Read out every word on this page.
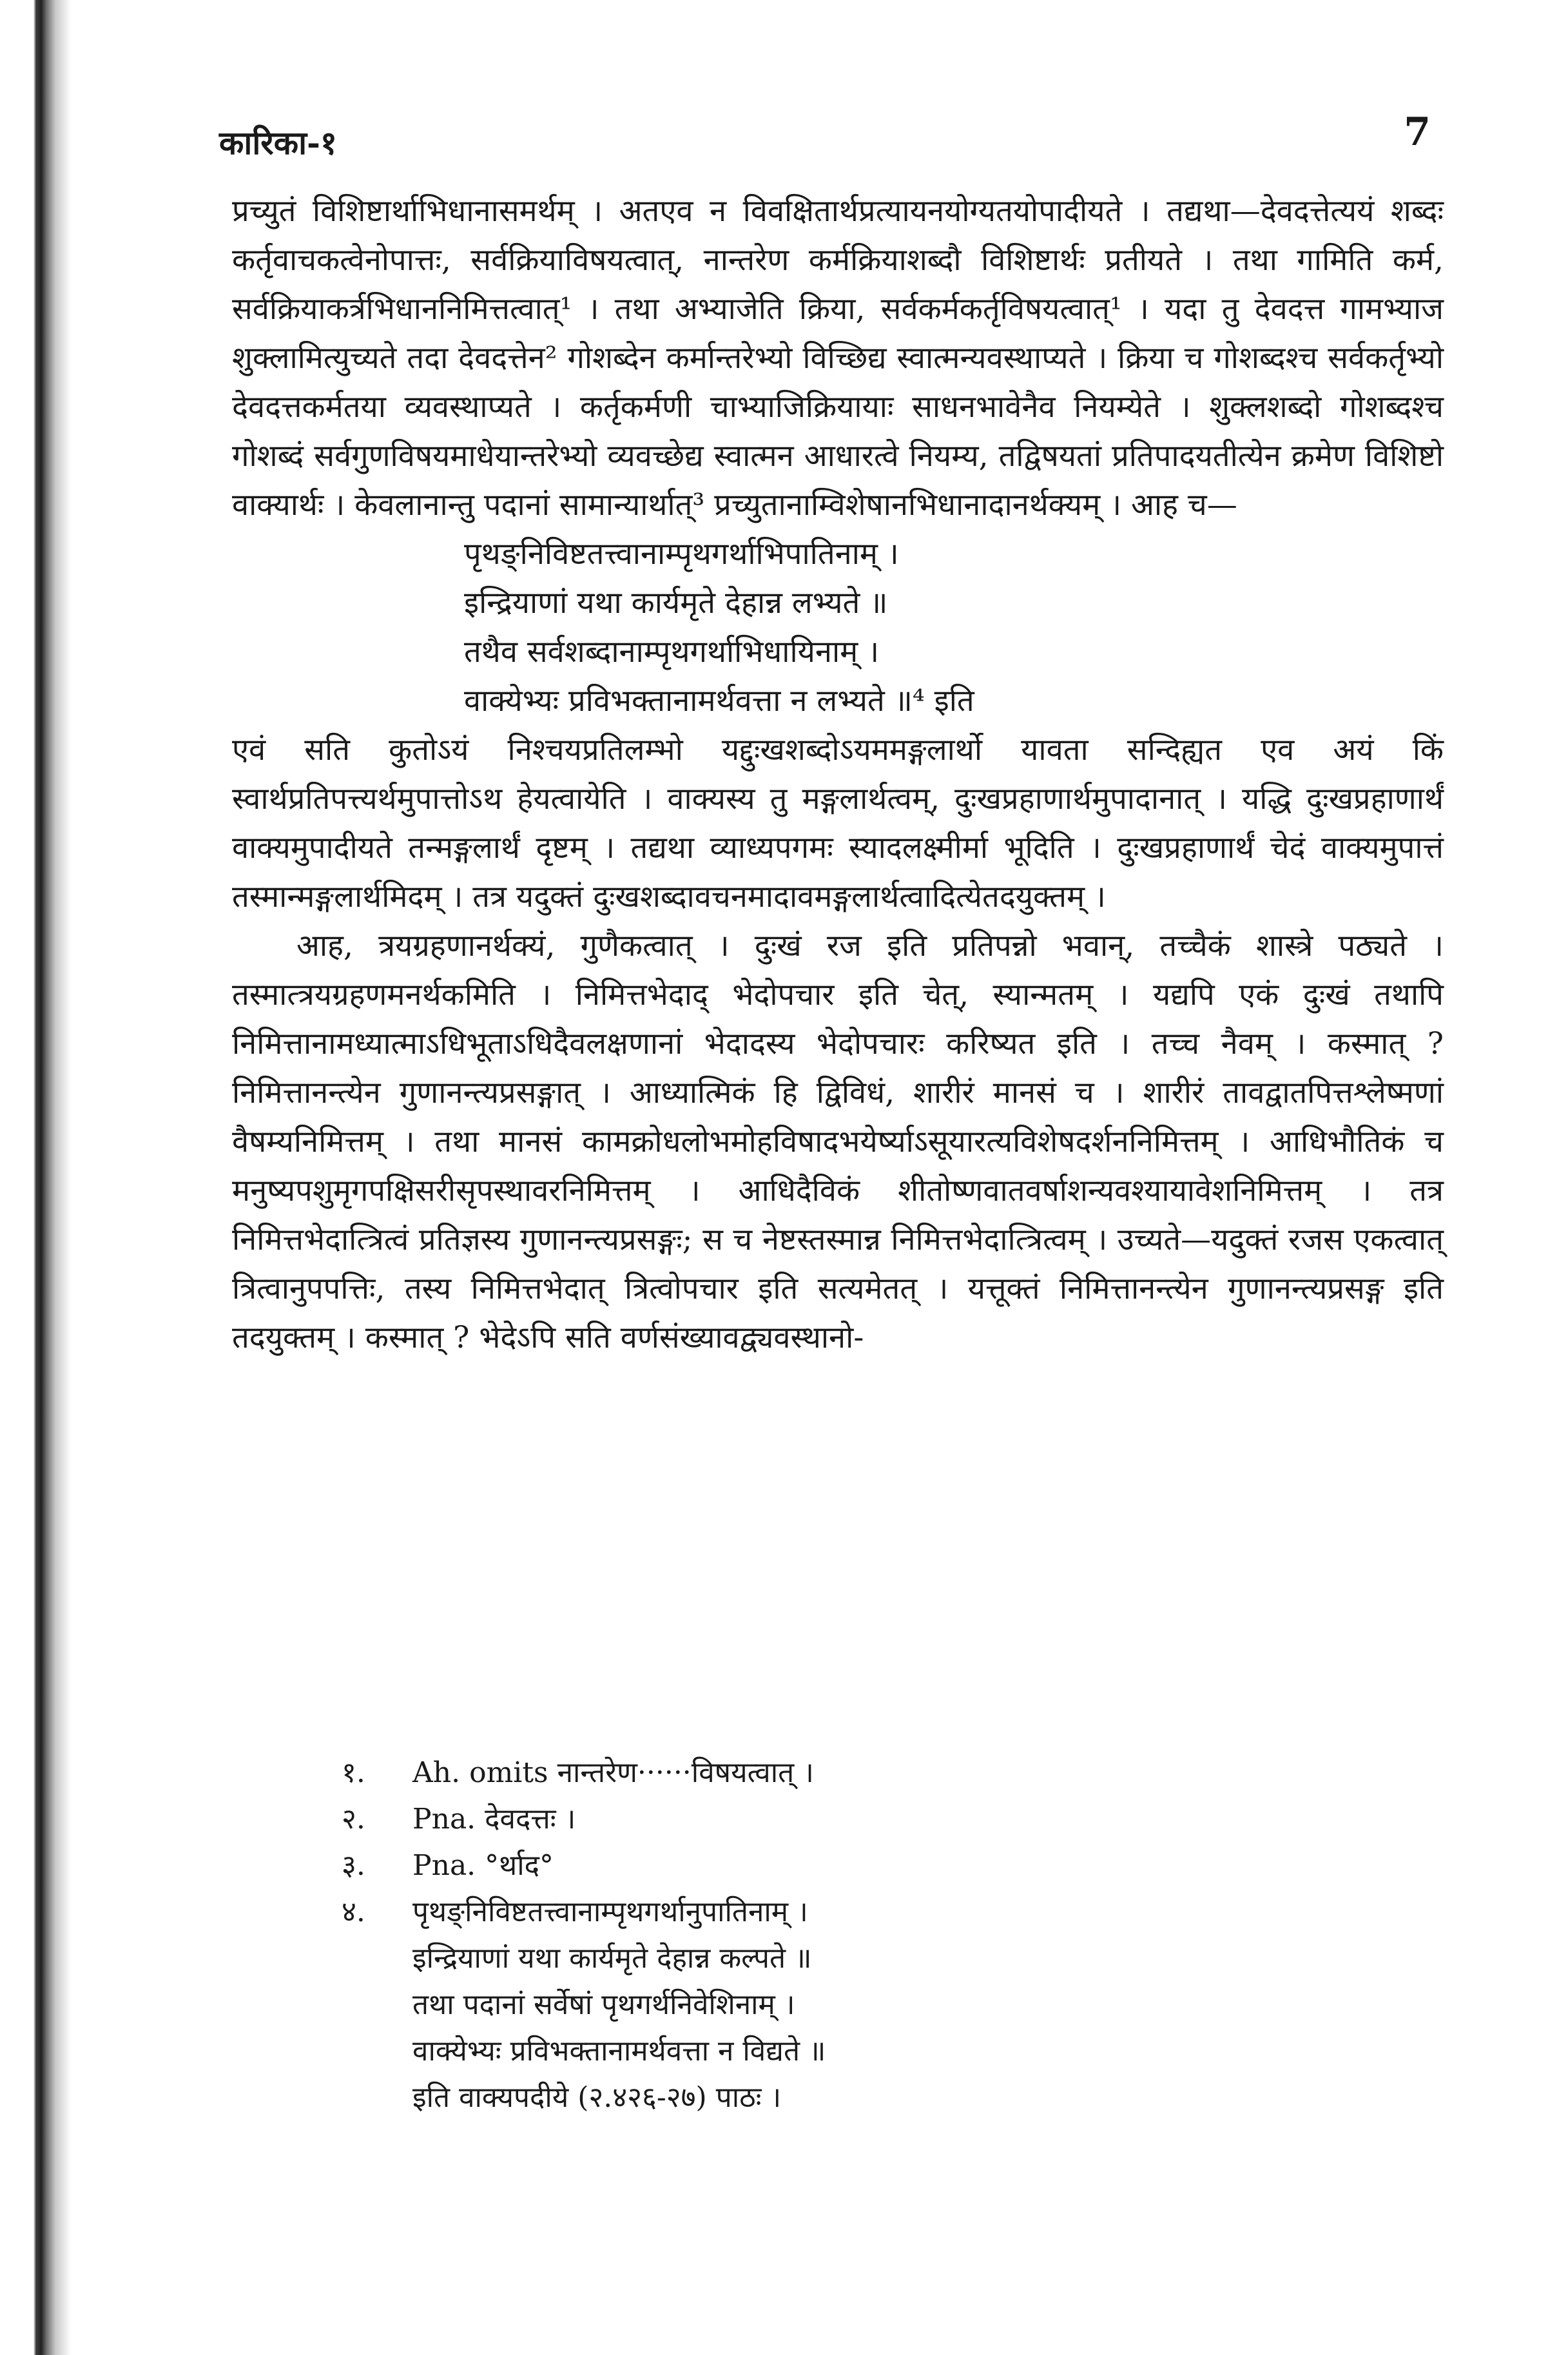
कारिका-१	7

प्रच्युतं विशिष्टार्थाभिधानासमर्थम् । अतएव न विवक्षितार्थप्रत्यायनयोग्यतयोपादीयते । तद्यथा—देवदत्तेत्ययं शब्दः कर्तृवाचकत्वेनोपात्तः, सर्वक्रियाविषयत्वात्, नान्तरेण कर्मक्रियाशब्दौ विशिष्टार्थः प्रतीयते । तथा गामिति कर्म, सर्वक्रियाकर्त्रभिधाननिमित्तत्वात्¹ । तथा अभ्याजेति क्रिया, सर्वकर्मकर्तृविषयत्वात्¹ । यदा तु देवदत्त गामभ्याज शुक्लामित्युच्यते तदा देवदत्तेन² गोशब्देन कर्मान्तरेभ्यो विच्छिद्य स्वात्मन्यवस्थाप्यते । क्रिया च गोशब्दश्च सर्वकर्तृभ्यो देवदत्तकर्मतया व्यवस्थाप्यते । कर्तृकर्मणी चाभ्याजिक्रियायाः साधनभावेनैव नियम्येते । शुक्लशब्दो गोशब्दश्च गोशब्दं सर्वगुणविषयमाधेयान्तरेभ्यो व्यवच्छेद्य स्वात्मन आधारत्वे नियम्य, तद्विषयतां प्रतिपादयतीत्येन क्रमेण विशिष्टो वाक्यार्थः । केवलानान्तु पदानां सामान्यार्थात्³ प्रच्युतानाम्विशेषानभिधानादानर्थक्यम् । आह च—

पृथङ्निविष्टतत्त्वानाम्पृथगर्थाभिपातिनाम् ।
इन्द्रियाणां यथा कार्यमृते देहान्न लभ्यते ॥
तथैव सर्वशब्दानाम्पृथगर्थाभिधायिनाम् ।
वाक्येभ्यः प्रविभक्तानामर्थवत्ता न लभ्यते ॥⁴ इति

एवं सति कुतोऽयं निश्चयप्रतिलम्भो यद्दुःखशब्दोऽयममङ्गलार्थो यावता सन्दिह्यत एव अयं किं स्वार्थप्रतिपत्त्यर्थमुपात्तोऽथ हेयत्वायेति । वाक्यस्य तु मङ्गलार्थत्वम्, दुःखप्रहाणार्थमुपादानात् । यद्धि दुःखप्रहाणार्थं वाक्यमुपादीयते तन्मङ्गलार्थं दृष्टम् । तद्यथा व्याध्यपगमः स्यादलक्ष्मीर्मा भूदिति । दुःखप्रहाणार्थं चेदं वाक्यमुपात्तं तस्मान्मङ्गलार्थमिदम् । तत्र यदुक्तं दुःखशब्दावचनमादावमङ्गलार्थत्वादित्येतदयुक्तम् ।

आह, त्रयग्रहणानर्थक्यं, गुणैकत्वात् । दुःखं रज इति प्रतिपन्नो भवान्, तच्चैकं शास्त्रे पठ्यते । तस्मात्त्रयग्रहणमनर्थकमिति । निमित्तभेदाद् भेदोपचार इति चेत्, स्यान्मतम् । यद्यपि एकं दुःखं तथापि निमित्तानामध्यात्माऽधिभूताऽधिदैवलक्षणानां भेदादस्य भेदोपचारः करिष्यत इति । तच्च नैवम् । कस्मात् ? निमित्तानन्त्येन गुणानन्त्यप्रसङ्गात् । आध्यात्मिकं हि द्विविधं, शारीरं मानसं च । शारीरं तावद्वातपित्तश्लेष्मणां वैषम्यनिमित्तम् । तथा मानसं कामक्रोधलोभमोहविषादभयेर्ष्याऽसूयारत्यविशेषदर्शननिमित्तम् । आधिभौतिकं च मनुष्यपशुमृगपक्षिसरीसृपस्थावरनिमित्तम् । आधिदैविकं शीतोष्णवातवर्षाशन्यवश्यायावेशनिमित्तम् । तत्र निमित्तभेदात्त्रित्वं प्रतिज्ञस्य गुणानन्त्यप्रसङ्गः; स च नेष्टस्तस्मान्न निमित्तभेदात्त्रित्वम् । उच्यते—यदुक्तं रजस एकत्वात् त्रित्वानुपपत्तिः, तस्य निमित्तभेदात् त्रित्वोपचार इति सत्यमेतत् । यत्तूक्तं निमित्तानन्त्येन गुणानन्त्यप्रसङ्ग इति तदयुक्तम् । कस्मात् ? भेदेऽपि सति वर्णसंख्यावद्व्यवस्थानो-

१.	Ah. omits नान्तरेण······विषयत्वात् ।
२.	Pna. देवदत्तः ।
३.	Pna. °र्थाद°
४.	पृथङ्निविष्टतत्त्वानाम्पृथगर्थानुपातिनाम् ।
इन्द्रियाणां यथा कार्यमृते देहान्न कल्पते ॥
तथा पदानां सर्वेषां पृथगर्थनिवेशिनाम् ।
वाक्येभ्यः प्रविभक्तानामर्थवत्ता न विद्यते ॥
इति वाक्यपदीये (२.४२६-२७) पाठः ।
